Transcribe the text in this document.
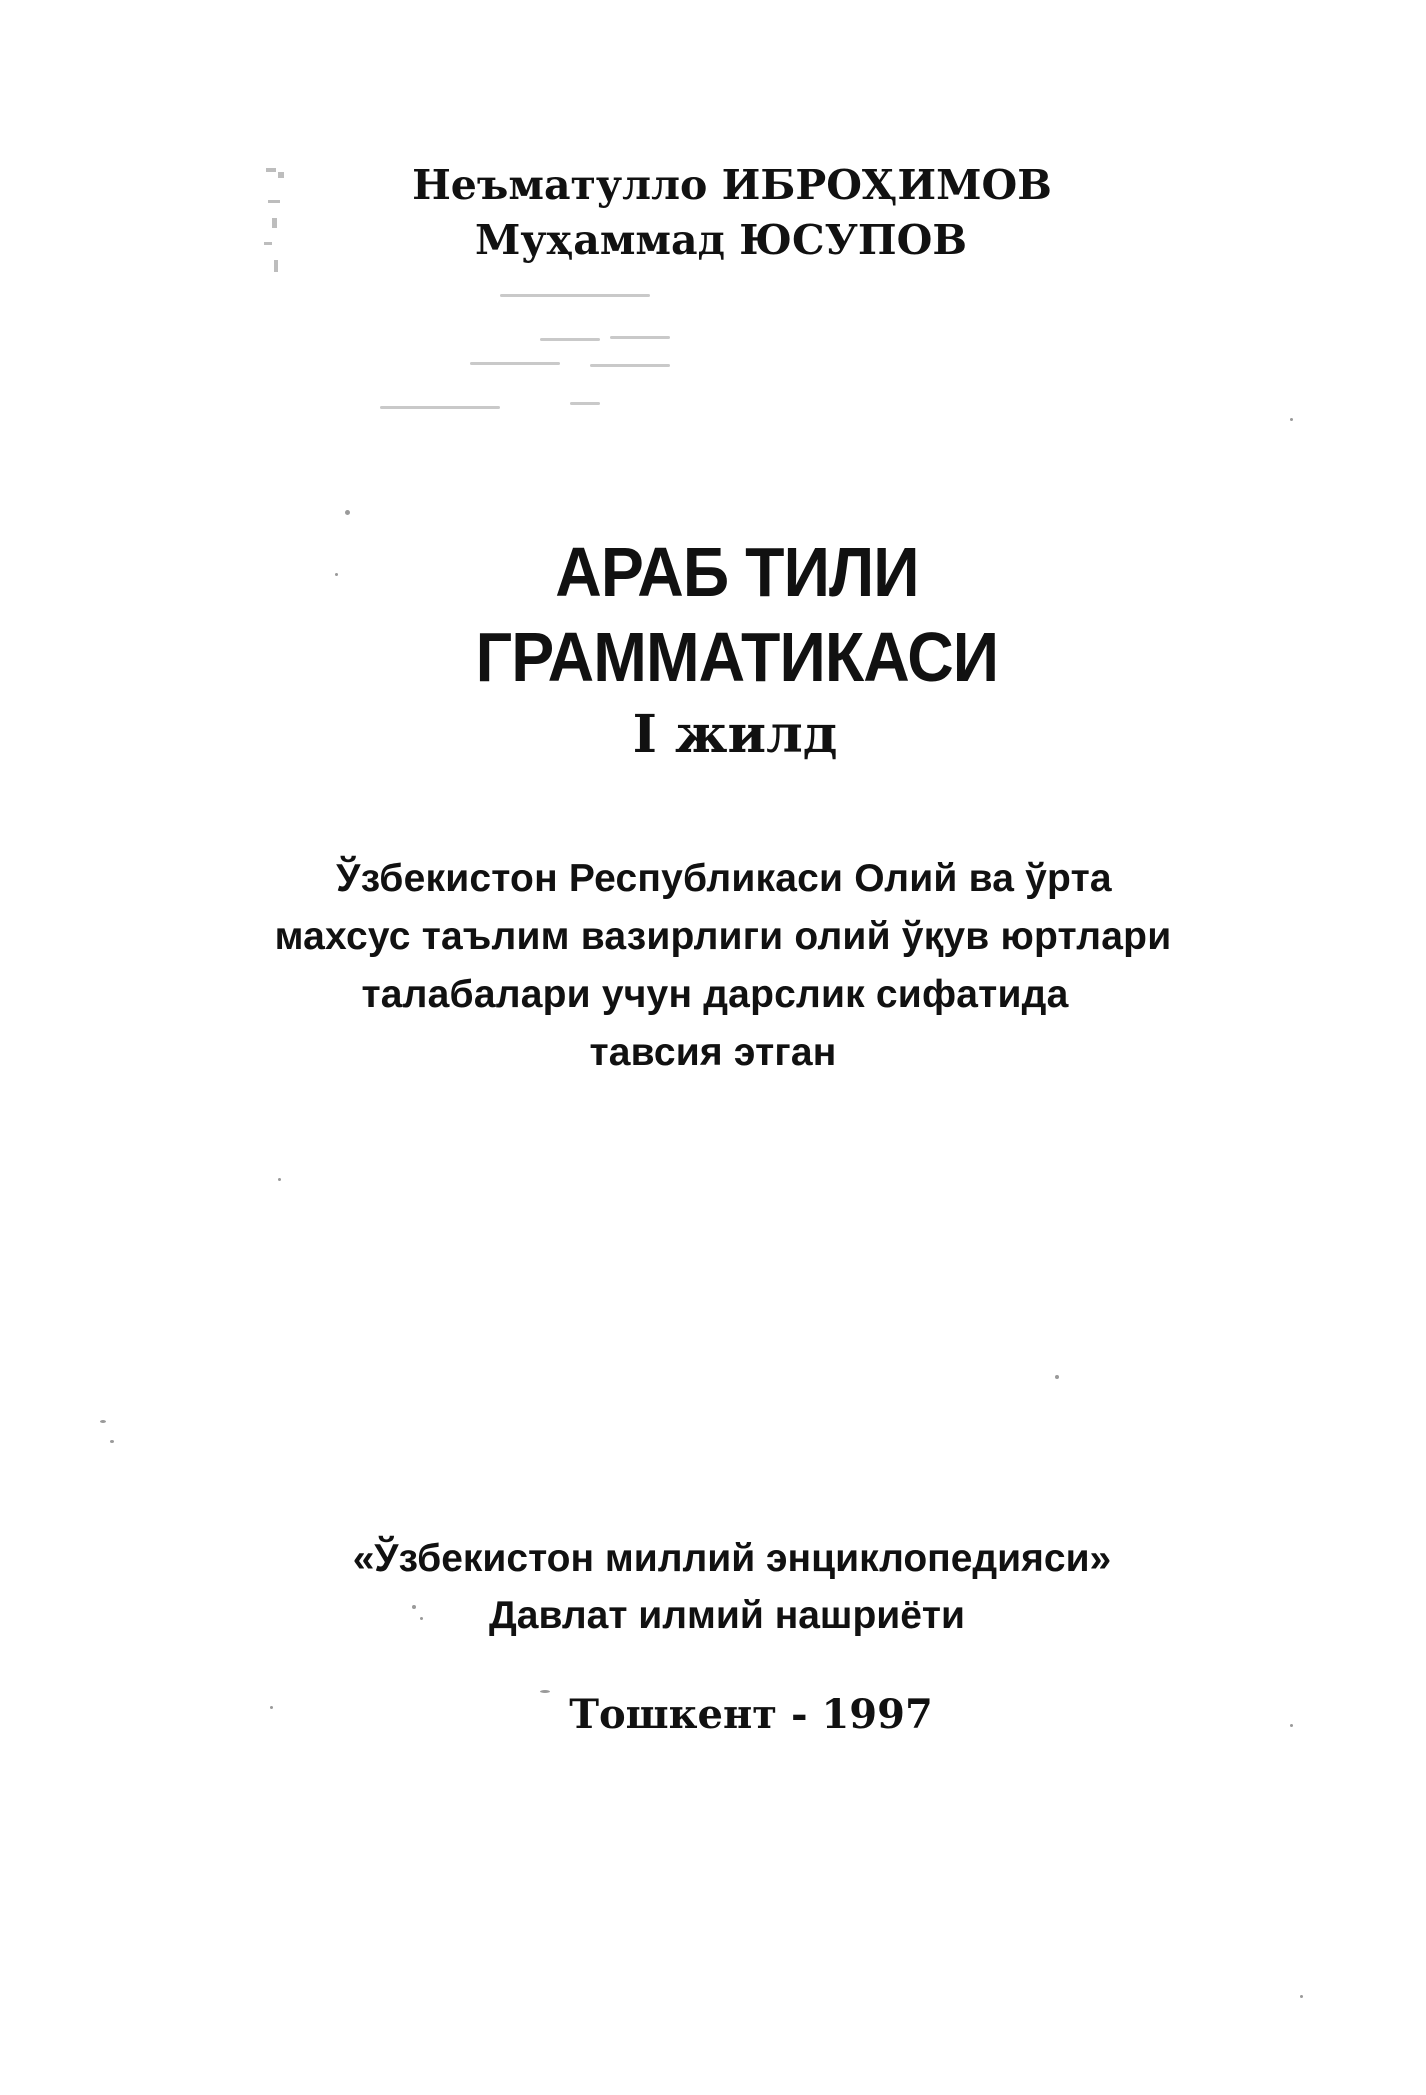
Неъматулло ИБРОҲИМОВ
Муҳаммад ЮСУПОВ
АРАБ ТИЛИ
ГРАММАТИКАСИ
I жилд
Ўзбекистон Республикаси Олий ва ўрта
махсус таълим вазирлиги олий ўқув юртлари
талабалари учун дарслик сифатида
тавсия этган
«Ўзбекистон миллий энциклопедияси»
Давлат илмий нашриёти
Тошкент - 1997
